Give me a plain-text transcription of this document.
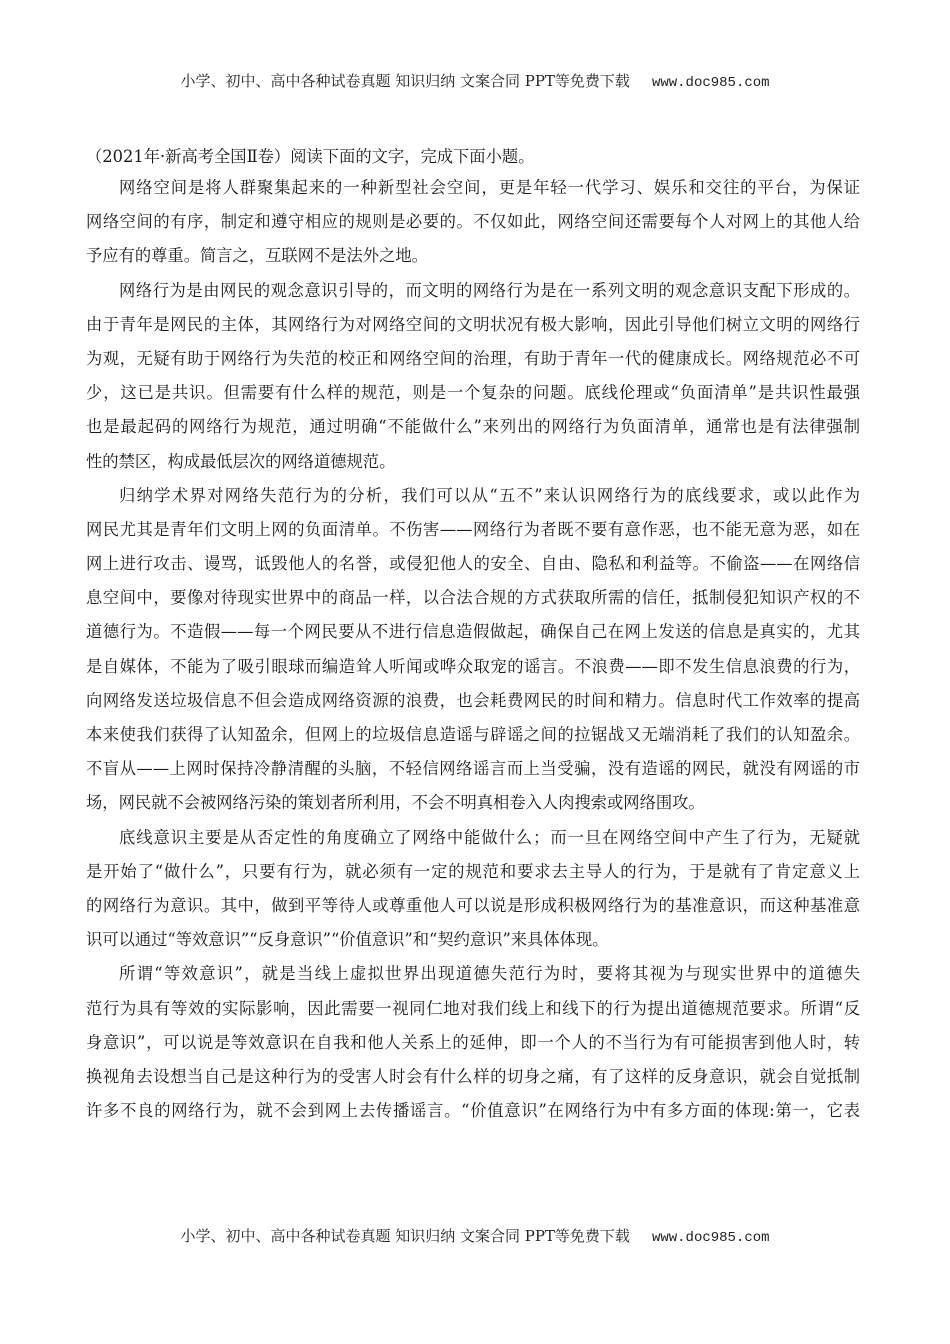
小学、初中、高中各种试卷真题 知识归纳 文案合同 PPT等免费下载 www.doc985.com
（2021年·新高考全国Ⅱ卷）阅读下面的文字，完成下面小题。
网络空间是将人群聚集起来的一种新型社会空间，更是年轻一代学习、娱乐和交往的平台，为保证
网络空间的有序，制定和遵守相应的规则是必要的。不仅如此，网络空间还需要每个人对网上的其他人给
予应有的尊重。简言之，互联网不是法外之地。
网络行为是由网民的观念意识引导的，而文明的网络行为是在一系列文明的观念意识支配下形成的。
由于青年是网民的主体，其网络行为对网络空间的文明状况有极大影响，因此引导他们树立文明的网络行
为观，无疑有助于网络行为失范的校正和网络空间的治理，有助于青年一代的健康成长。网络规范必不可
少，这已是共识。但需要有什么样的规范，则是一个复杂的问题。底线伦理或“负面清单”是共识性最强
也是最起码的网络行为规范，通过明确“不能做什么”来列出的网络行为负面清单，通常也是有法律强制
性的禁区，构成最低层次的网络道德规范。
归纳学术界对网络失范行为的分析，我们可以从“五不”来认识网络行为的底线要求，或以此作为
网民尤其是青年们文明上网的负面清单。不伤害——网络行为者既不要有意作恶，也不能无意为恶，如在
网上进行攻击、谩骂，诋毁他人的名誉，或侵犯他人的安全、自由、隐私和利益等。不偷盗——在网络信
息空间中，要像对待现实世界中的商品一样，以合法合规的方式获取所需的信任，抵制侵犯知识产权的不
道德行为。不造假——每一个网民要从不进行信息造假做起，确保自己在网上发送的信息是真实的，尤其
是自媒体，不能为了吸引眼球而编造耸人听闻或哗众取宠的谣言。不浪费——即不发生信息浪费的行为，
向网络发送垃圾信息不但会造成网络资源的浪费，也会耗费网民的时间和精力。信息时代工作效率的提高
本来使我们获得了认知盈余，但网上的垃圾信息造谣与辟谣之间的拉锯战又无端消耗了我们的认知盈余。
不盲从——上网时保持冷静清醒的头脑，不轻信网络谣言而上当受骗，没有造谣的网民，就没有网谣的市
场，网民就不会被网络污染的策划者所利用，不会不明真相卷入人肉搜索或网络围攻。
底线意识主要是从否定性的角度确立了网络中能做什么；而一旦在网络空间中产生了行为，无疑就
是开始了“做什么”，只要有行为，就必须有一定的规范和要求去主导人的行为，于是就有了肯定意义上
的网络行为意识。其中，做到平等待人或尊重他人可以说是形成积极网络行为的基准意识，而这种基准意
识可以通过“等效意识”“反身意识”“价值意识”和“契约意识”来具体体现。
所谓“等效意识”，就是当线上虚拟世界出现道德失范行为时，要将其视为与现实世界中的道德失
范行为具有等效的实际影响，因此需要一视同仁地对我们线上和线下的行为提出道德规范要求。所谓“反
身意识”，可以说是等效意识在自我和他人关系上的延伸，即一个人的不当行为有可能损害到他人时，转
换视角去设想当自己是这种行为的受害人时会有什么样的切身之痛，有了这样的反身意识，就会自觉抵制
许多不良的网络行为，就不会到网上去传播谣言。“价值意识”在网络行为中有多方面的体现:第一，它表
小学、初中、高中各种试卷真题 知识归纳 文案合同 PPT等免费下载 www.doc985.com
